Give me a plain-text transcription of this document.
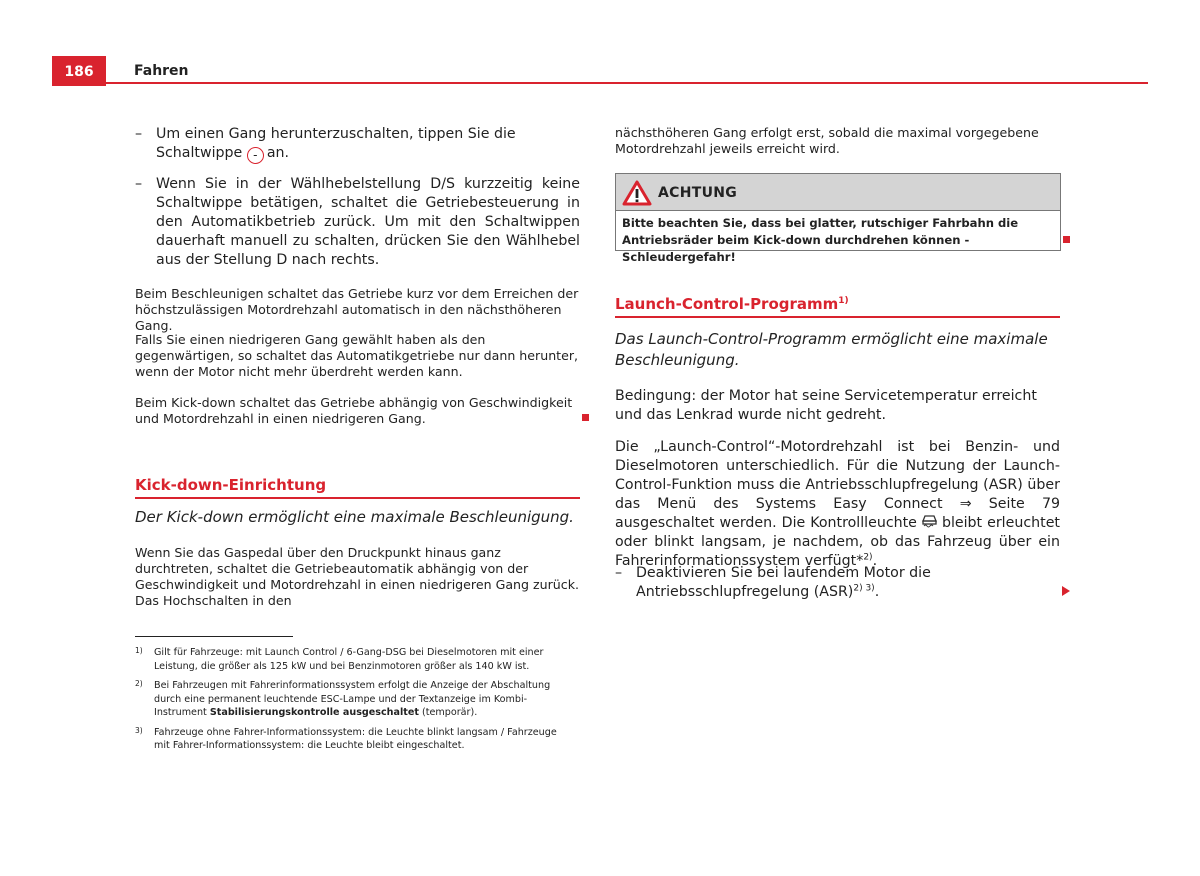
186	Fahren
– Um einen Gang herunterzuschalten, tippen Sie die Schaltwippe - an.
– Wenn Sie in der Wählhebelstellung D/S kurzzeitig keine Schaltwippe betätigen, schaltet die Getriebesteuerung in den Automatikbetrieb zurück. Um mit den Schaltwippen dauerhaft manuell zu schalten, drücken Sie den Wählhebel aus der Stellung D nach rechts.
Beim Beschleunigen schaltet das Getriebe kurz vor dem Erreichen der höchstzulässigen Motordrehzahl automatisch in den nächsthöheren Gang.
Falls Sie einen niedrigeren Gang gewählt haben als den gegenwärtigen, so schaltet das Automatikgetriebe nur dann herunter, wenn der Motor nicht mehr überdreht werden kann.
Beim Kick-down schaltet das Getriebe abhängig von Geschwindigkeit und Motordrehzahl in einen niedrigeren Gang.
Kick-down-Einrichtung
Der Kick-down ermöglicht eine maximale Beschleunigung.
Wenn Sie das Gaspedal über den Druckpunkt hinaus ganz durchtreten, schaltet die Getriebeautomatik abhängig von der Geschwindigkeit und Motordrehzahl in einen niedrigeren Gang zurück. Das Hochschalten in den
1) Gilt für Fahrzeuge: mit Launch Control / 6-Gang-DSG bei Dieselmotoren mit einer Leistung, die größer als 125 kW und bei Benzinmotoren größer als 140 kW ist.
2) Bei Fahrzeugen mit Fahrerinformationssystem erfolgt die Anzeige der Abschaltung durch eine permanent leuchtende ESC-Lampe und der Textanzeige im Kombi-Instrument Stabilisierungskontrolle ausgeschaltet (temporär).
3) Fahrzeuge ohne Fahrer-Informationssystem: die Leuchte blinkt langsam / Fahrzeuge mit Fahrer-Informationssystem: die Leuchte bleibt eingeschaltet.
nächsthöheren Gang erfolgt erst, sobald die maximal vorgegebene Motordrehzahl jeweils erreicht wird.
ACHTUNG
Bitte beachten Sie, dass bei glatter, rutschiger Fahrbahn die Antriebsräder beim Kick-down durchdrehen können - Schleudergefahr!
Launch-Control-Programm$^{1)}$
Das Launch-Control-Programm ermöglicht eine maximale Beschleunigung.
Bedingung: der Motor hat seine Servicetemperatur erreicht und das Lenkrad wurde nicht gedreht.
Die „Launch-Control“-Motordrehzahl ist bei Benzin- und Dieselmotoren unterschiedlich. Für die Nutzung der Launch-Control-Funktion muss die Antriebsschlupfregelung (ASR) über das Menü des Systems Easy Connect ⇒ Seite 79 ausgeschaltet werden. Die Kontrollleuchte bleibt erleuchtet oder blinkt langsam, je nachdem, ob das Fahrzeug über ein Fahrerinformationssystem verfügt*$^{2)}$.
– Deaktivieren Sie bei laufendem Motor die Antriebsschlupfregelung (ASR)$^{2) 3)}$.
